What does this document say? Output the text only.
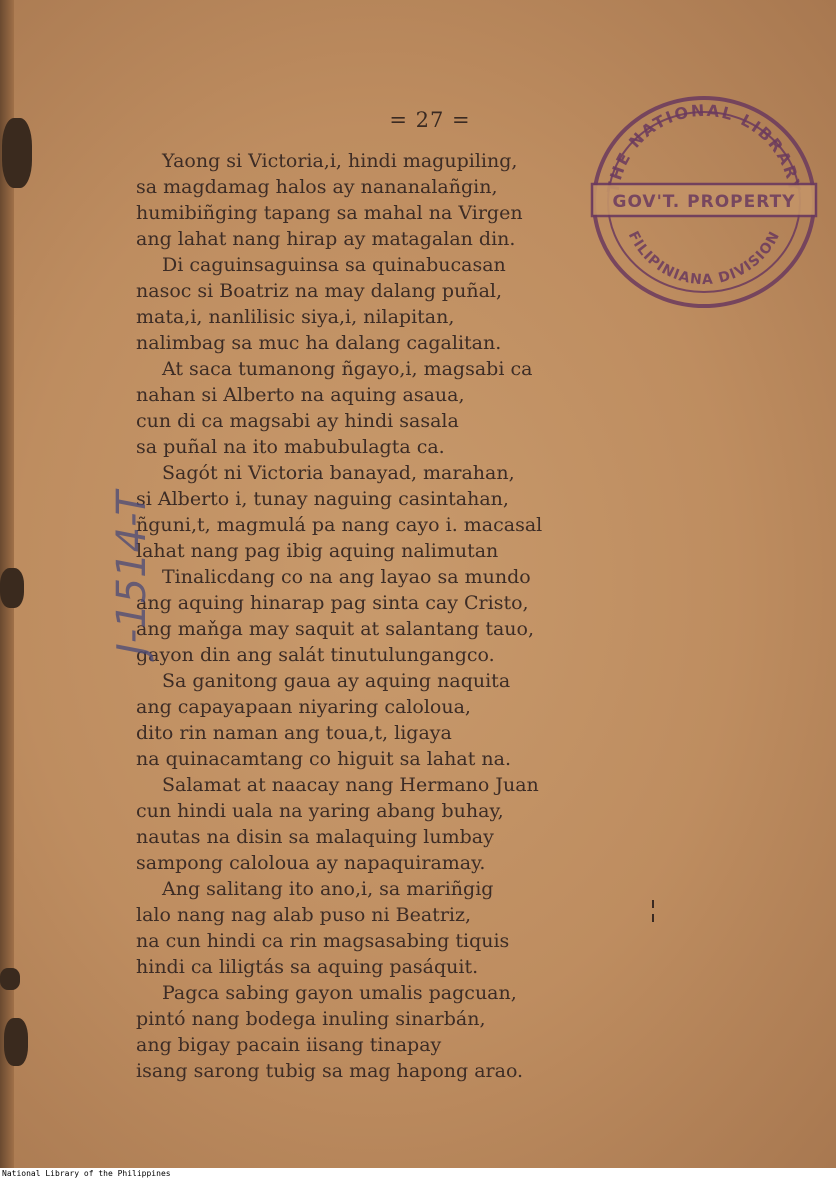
= 27 =
Yaong si Victoria,i, hindi magupiling,
sa magdamag halos ay nananalañgin,
humibiñging tapang sa mahal na Virgen
ang lahat nang hirap ay matagalan din.
Di caguinsaguinsa sa quinabucasan
nasoc si Boatriz na may dalang puñal,
mata,i, nanlilisic siya,i, nilapitan,
nalimbag sa muc ha dalang cagalitan.
At saca tumanong ñgayo,i, magsabi ca
nahan si Alberto na aquing asaua,
cun di ca magsabi ay hindi sasala
sa puñal na ito mabubulagta ca.
Sagót ni Victoria banayad, marahan,
si Alberto i, tunay naguing casintahan,
ñguni,t, magmulá pa nang cayo i. macasal
lahat nang pag ibig aquing nalimutan
Tinalicdang co na ang layao sa mundo
ang aquing hinarap pag sinta cay Cristo,
ang maňga may saquit at salantang tauo,
gayon din ang salát tinutulungangco.
Sa ganitong gaua ay aquing naquita
ang capayapaan niyaring caloloua,
dito rin naman ang toua,t, ligaya
na quinacamtang co higuit sa lahat na.
Salamat at naacay nang Hermano Juan
cun hindi uala na yaring abang buhay,
nautas na disin sa malaquing lumbay
sampong caloloua ay napaquiramay.
Ang salitang ito ano,i, sa mariñgig
lalo nang nag alab puso ni Beatriz,
na cun hindi ca rin magsasabing tiquis
hindi ca liligtás sa aquing pasáquit.
Pagca sabing gayon umalis pagcuan,
pintó nang bodega inuling sinarbán,
ang bigay pacain iisang tinapay
isang sarong tubig sa mag hapong arao.
HE NATIONAL LIBRAR
GOV'T. PROPERTY
FILIPINIANA DIVISION
J-1514-T
National Library of the Philippines
